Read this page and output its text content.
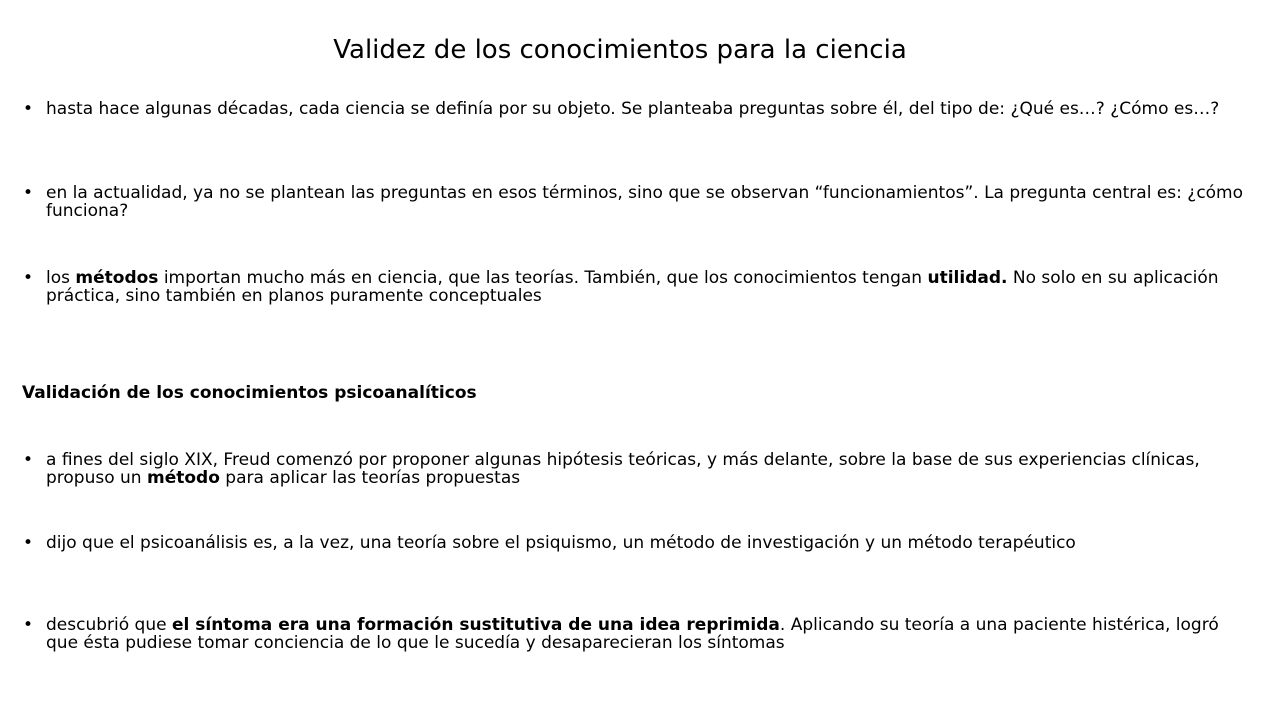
Validez de los conocimientos para la ciencia
• hasta hace algunas décadas, cada ciencia se definía por su objeto. Se planteaba preguntas sobre él, del tipo de: ¿Qué es…? ¿Cómo es…?
• en la actualidad, ya no se plantean las preguntas en esos términos, sino que se observan “funcionamientos”. La pregunta central es: ¿cómo funciona?
• los métodos importan mucho más en ciencia, que las teorías. También, que los conocimientos tengan utilidad. No solo en su aplicación práctica, sino también en planos puramente conceptuales
Validación de los conocimientos psicoanalíticos
• a fines del siglo XIX, Freud comenzó por proponer algunas hipótesis teóricas, y más delante, sobre la base de sus experiencias clínicas, propuso un método para aplicar las teorías propuestas
• dijo que el psicoanálisis es, a la vez, una teoría sobre el psiquismo, un método de investigación y un método terapéutico
• descubrió que el síntoma era una formación sustitutiva de una idea reprimida. Aplicando su teoría a una paciente histérica, logró que ésta pudiese tomar conciencia de lo que le sucedía y desaparecieran los síntomas
